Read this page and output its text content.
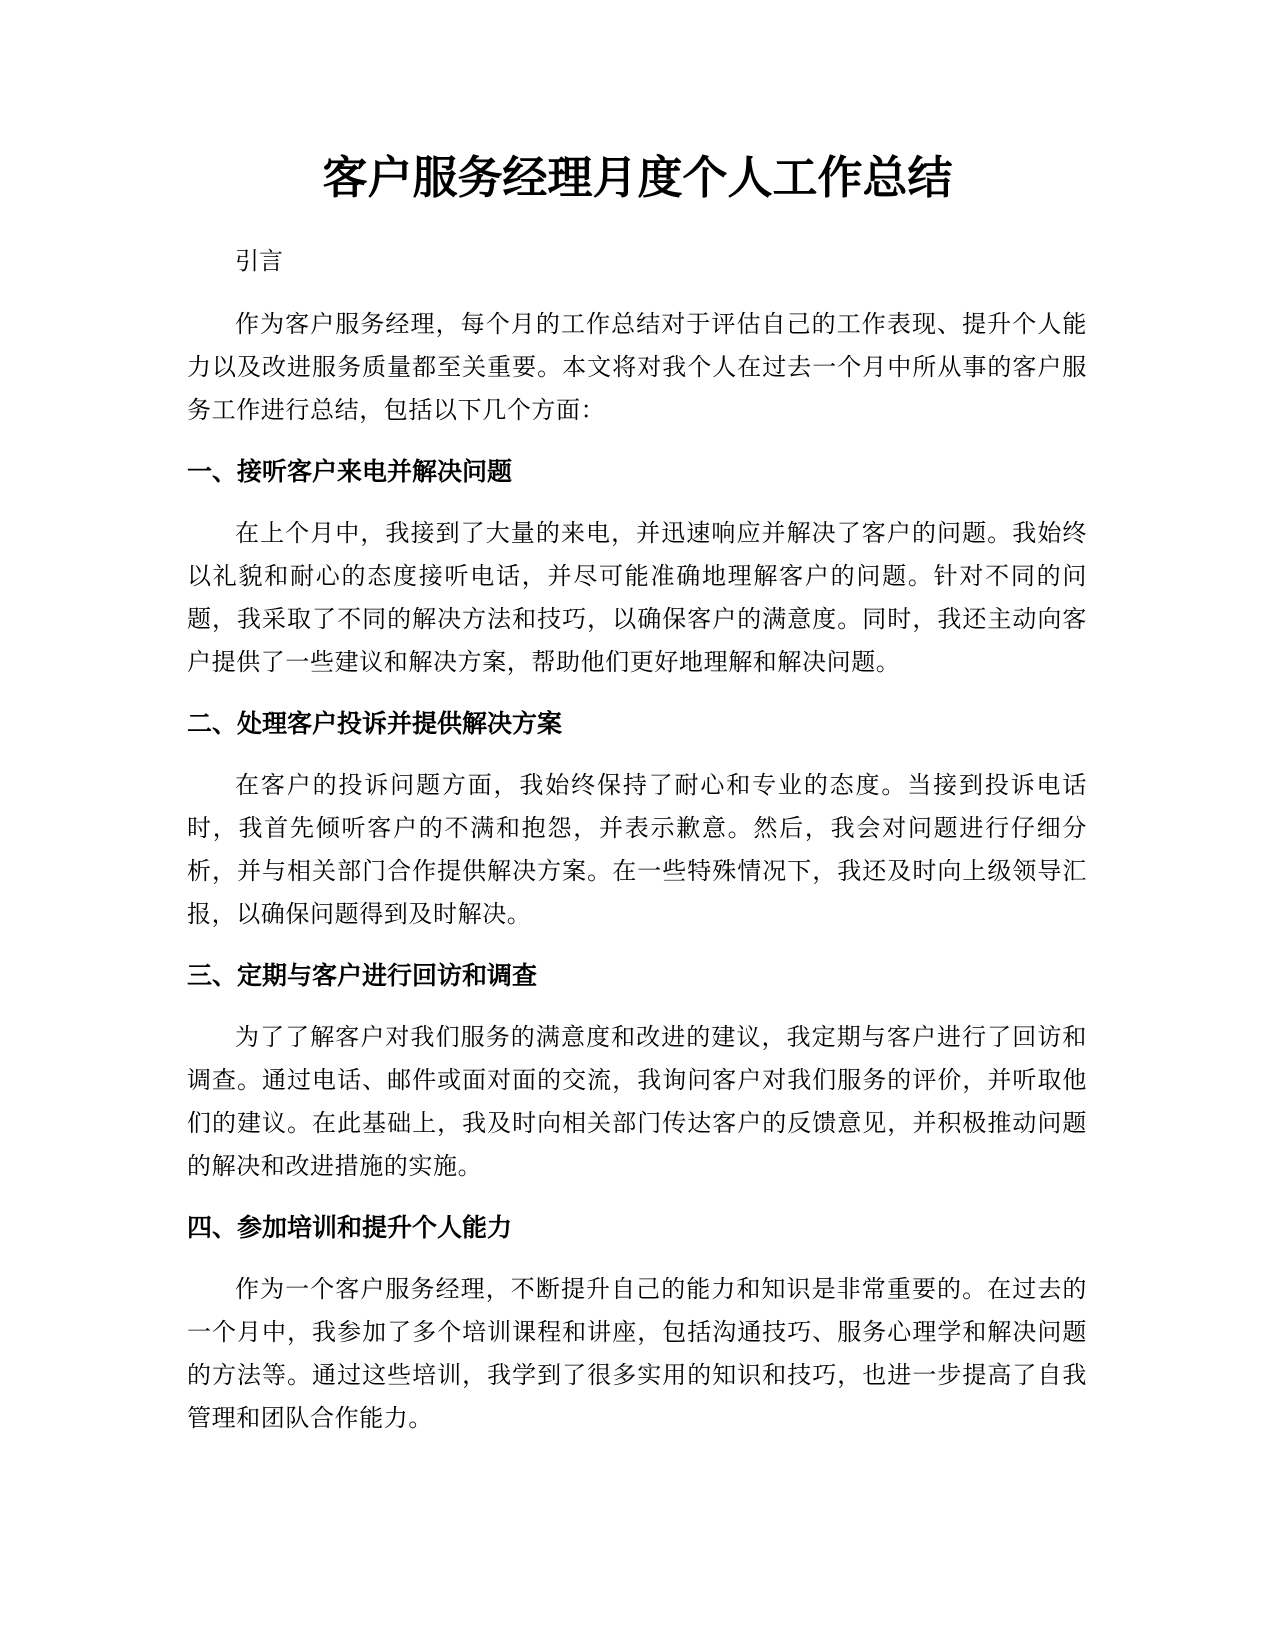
客户服务经理月度个人工作总结

引言

作为客户服务经理，每个月的工作总结对于评估自己的工作表现、提升个人能力以及改进服务质量都至关重要。本文将对我个人在过去一个月中所从事的客户服务工作进行总结，包括以下几个方面：

一、接听客户来电并解决问题

在上个月中，我接到了大量的来电，并迅速响应并解决了客户的问题。我始终以礼貌和耐心的态度接听电话，并尽可能准确地理解客户的问题。针对不同的问题，我采取了不同的解决方法和技巧，以确保客户的满意度。同时，我还主动向客户提供了一些建议和解决方案，帮助他们更好地理解和解决问题。

二、处理客户投诉并提供解决方案

在客户的投诉问题方面，我始终保持了耐心和专业的态度。当接到投诉电话时，我首先倾听客户的不满和抱怨，并表示歉意。然后，我会对问题进行仔细分析，并与相关部门合作提供解决方案。在一些特殊情况下，我还及时向上级领导汇报，以确保问题得到及时解决。

三、定期与客户进行回访和调查

为了了解客户对我们服务的满意度和改进的建议，我定期与客户进行了回访和调查。通过电话、邮件或面对面的交流，我询问客户对我们服务的评价，并听取他们的建议。在此基础上，我及时向相关部门传达客户的反馈意见，并积极推动问题的解决和改进措施的实施。

四、参加培训和提升个人能力

作为一个客户服务经理，不断提升自己的能力和知识是非常重要的。在过去的一个月中，我参加了多个培训课程和讲座，包括沟通技巧、服务心理学和解决问题的方法等。通过这些培训，我学到了很多实用的知识和技巧，也进一步提高了自我管理和团队合作能力。
